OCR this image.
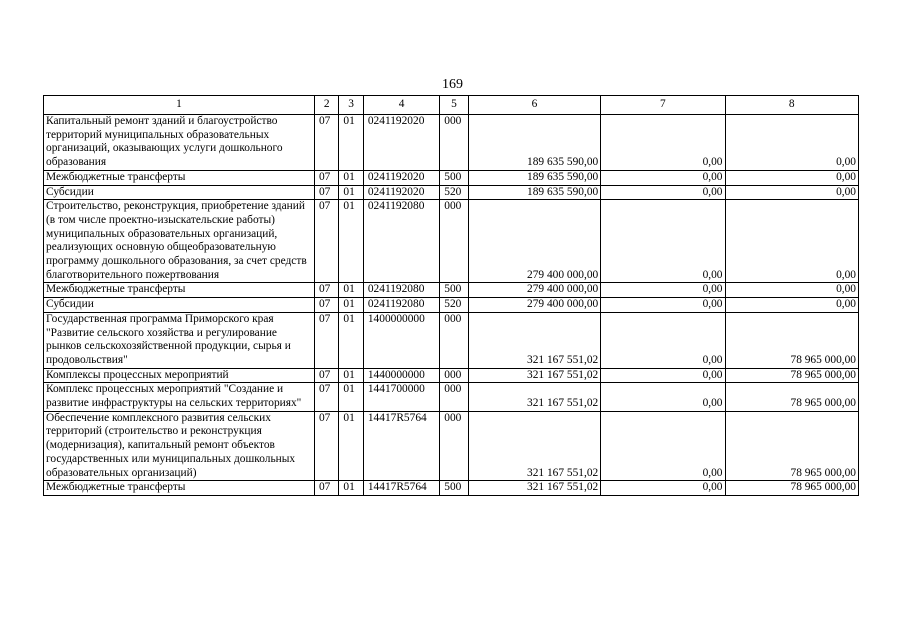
169
1	2	3	4	5	6	7	8
Капитальный ремонт зданий и благоустройство территорий муниципальных образовательных организаций, оказывающих услуги дошкольного образования	07	01	0241192020	000	189 635 590,00	0,00	0,00
Межбюджетные трансферты	07	01	0241192020	500	189 635 590,00	0,00	0,00
Субсидии	07	01	0241192020	520	189 635 590,00	0,00	0,00
Строительство, реконструкция, приобретение зданий (в том числе проектно-изыскательские работы) муниципальных образовательных организаций, реализующих основную общеобразовательную программу дошкольного образования, за счет средств благотворительного пожертвования	07	01	0241192080	000	279 400 000,00	0,00	0,00
Межбюджетные трансферты	07	01	0241192080	500	279 400 000,00	0,00	0,00
Субсидии	07	01	0241192080	520	279 400 000,00	0,00	0,00
Государственная программа Приморского края "Развитие сельского хозяйства и регулирование рынков сельскохозяйственной продукции, сырья и продовольствия"	07	01	1400000000	000	321 167 551,02	0,00	78 965 000,00
Комплексы процессных мероприятий	07	01	1440000000	000	321 167 551,02	0,00	78 965 000,00
Комплекс процессных мероприятий "Создание и развитие инфраструктуры на сельских территориях"	07	01	1441700000	000	321 167 551,02	0,00	78 965 000,00
Обеспечение комплексного развития сельских территорий (строительство и реконструкция (модернизация), капитальный ремонт объектов государственных или муниципальных дошкольных образовательных организаций)	07	01	14417R5764	000	321 167 551,02	0,00	78 965 000,00
Межбюджетные трансферты	07	01	14417R5764	500	321 167 551,02	0,00	78 965 000,00
